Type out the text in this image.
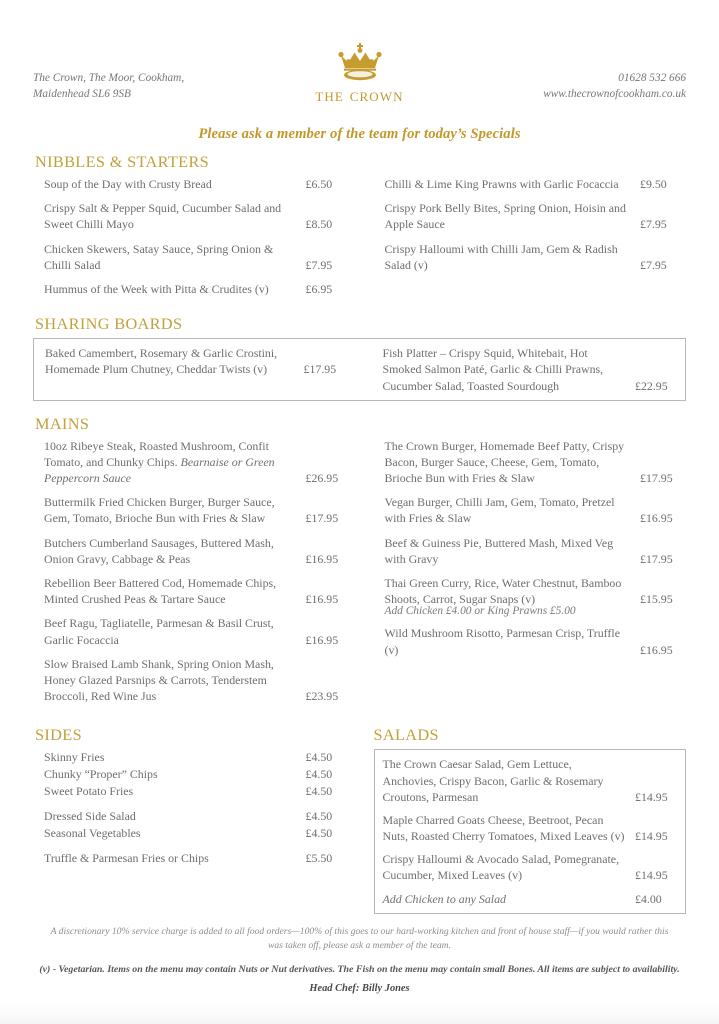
The Crown, The Moor, Cookham,
Maidenhead SL6 9SB	the crown
01628 532 666
www.thecrownofcookham.co.uk
Please ask a member of the team for today’s Specials
NIBBLES & STARTERS
Soup of the Day with Crusty Bread	£6.50
Crispy Salt & Pepper Squid, Cucumber Salad and Sweet Chilli Mayo	£8.50
Chicken Skewers, Satay Sauce, Spring Onion & Chilli Salad	£7.95
Hummus of the Week with Pitta & Crudites (v)	£6.95
Chilli & Lime King Prawns with Garlic Focaccia	£9.50
Crispy Pork Belly Bites, Spring Onion, Hoisin and Apple Sauce	£7.95
Crispy Halloumi with Chilli Jam, Gem & Radish Salad (v)	£7.95
SHARING BOARDS
Baked Camembert, Rosemary & Garlic Crostini, Homemade Plum Chutney, Cheddar Twists (v)	£17.95
Fish Platter – Crispy Squid, Whitebait, Hot Smoked Salmon Paté, Garlic & Chilli Prawns, Cucumber Salad, Toasted Sourdough	£22.95
MAINS
10oz Ribeye Steak, Roasted Mushroom, Confit Tomato, and Chunky Chips. Bearnaise or Green Peppercorn Sauce	£26.95
Buttermilk Fried Chicken Burger, Burger Sauce, Gem, Tomato, Brioche Bun with Fries & Slaw	£17.95
Butchers Cumberland Sausages, Buttered Mash, Onion Gravy, Cabbage & Peas	£16.95
Rebellion Beer Battered Cod, Homemade Chips, Minted Crushed Peas & Tartare Sauce	£16.95
Beef Ragu, Tagliatelle, Parmesan & Basil Crust, Garlic Focaccia	£16.95
Slow Braised Lamb Shank, Spring Onion Mash, Honey Glazed Parsnips & Carrots, Tenderstem Broccoli, Red Wine Jus	£23.95
The Crown Burger, Homemade Beef Patty, Crispy Bacon, Burger Sauce, Cheese, Gem, Tomato, Brioche Bun with Fries & Slaw	£17.95
Vegan Burger, Chilli Jam, Gem, Tomato, Pretzel with Fries & Slaw	£16.95
Beef & Guiness Pie, Buttered Mash, Mixed Veg with Gravy	£17.95
Thai Green Curry, Rice, Water Chestnut, Bamboo Shoots, Carrot, Sugar Snaps (v)	£15.95
Add Chicken £4.00 or King Prawns £5.00
Wild Mushroom Risotto, Parmesan Crisp, Truffle (v)	£16.95
SIDES
Skinny Fries	£4.50
Chunky “Proper” Chips	£4.50
Sweet Potato Fries	£4.50
Dressed Side Salad	£4.50
Seasonal Vegetables	£4.50
Truffle & Parmesan Fries or Chips	£5.50
SALADS
The Crown Caesar Salad, Gem Lettuce, Anchovies, Crispy Bacon, Garlic & Rosemary Croutons, Parmesan	£14.95
Maple Charred Goats Cheese, Beetroot, Pecan Nuts, Roasted Cherry Tomatoes, Mixed Leaves (v) £14.95
Crispy Halloumi & Avocado Salad, Pomegranate, Cucumber, Mixed Leaves (v)	£14.95
Add Chicken to any Salad	£4.00
A discretionary 10% service charge is added to all food orders—100% of this goes to our hard-working kitchen and front of house staff—if you would rather this was taken off, please ask a member of the team.
(v) - Vegetarian. Items on the menu may contain Nuts or Nut derivatives. The Fish on the menu may contain small Bones. All items are subject to availability.
Head Chef: Billy Jones
